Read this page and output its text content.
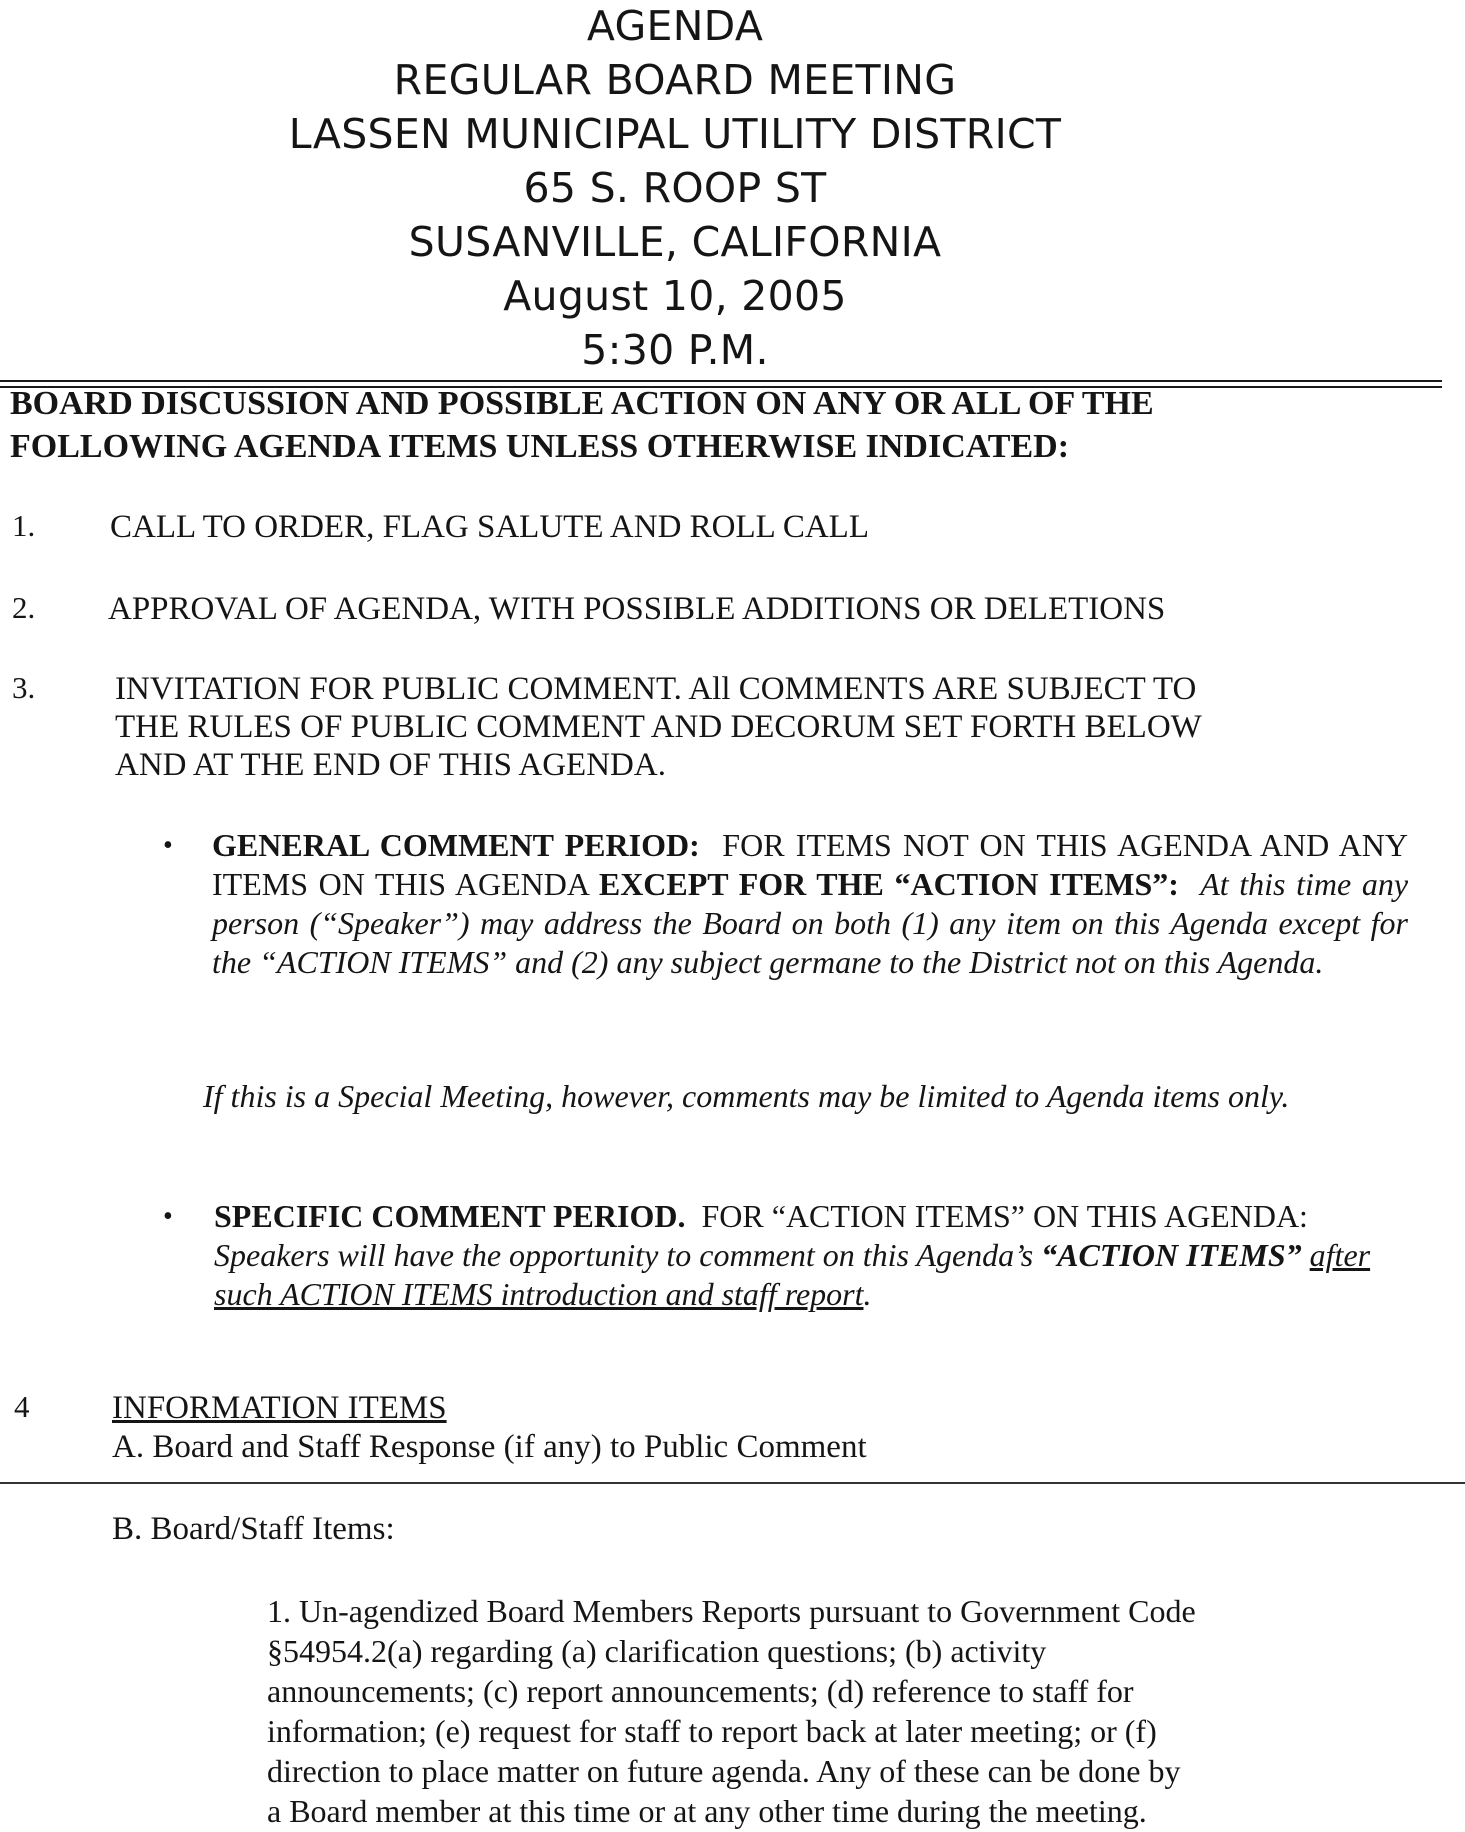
AGENDA
REGULAR BOARD MEETING
LASSEN MUNICIPAL UTILITY DISTRICT
65 S. ROOP ST
SUSANVILLE, CALIFORNIA
August 10, 2005
5:30 P.M.
BOARD DISCUSSION AND POSSIBLE ACTION ON ANY OR ALL OF THE
FOLLOWING AGENDA ITEMS UNLESS OTHERWISE INDICATED:
1. CALL TO ORDER, FLAG SALUTE AND ROLL CALL
2. APPROVAL OF AGENDA, WITH POSSIBLE ADDITIONS OR DELETIONS
3. INVITATION FOR PUBLIC COMMENT. All COMMENTS ARE SUBJECT TO
THE RULES OF PUBLIC COMMENT AND DECORUM SET FORTH BELOW
AND AT THE END OF THIS AGENDA.
• GENERAL COMMENT PERIOD: FOR ITEMS NOT ON THIS AGENDA AND ANY ITEMS ON THIS AGENDA EXCEPT FOR THE “ACTION ITEMS”: At this time any person (“Speaker”) may address the Board on both (1) any item on this Agenda except for the “ACTION ITEMS” and (2) any subject germane to the District not on this Agenda.
If this is a Special Meeting, however, comments may be limited to Agenda items only.
• SPECIFIC COMMENT PERIOD. FOR “ACTION ITEMS” ON THIS AGENDA:  Speakers will have the opportunity to comment on this Agenda’s “ACTION ITEMS” after such ACTION ITEMS introduction and staff report.
4	INFORMATION ITEMS
A. Board and Staff Response (if any) to Public Comment
B. Board/Staff Items:
1. Un-agendized Board Members Reports pursuant to Government Code
§54954.2(a) regarding (a) clarification questions; (b) activity
announcements; (c) report announcements; (d) reference to staff for
information; (e) request for staff to report back at later meeting; or (f)
direction to place matter on future agenda. Any of these can be done by
a Board member at this time or at any other time during the meeting.
